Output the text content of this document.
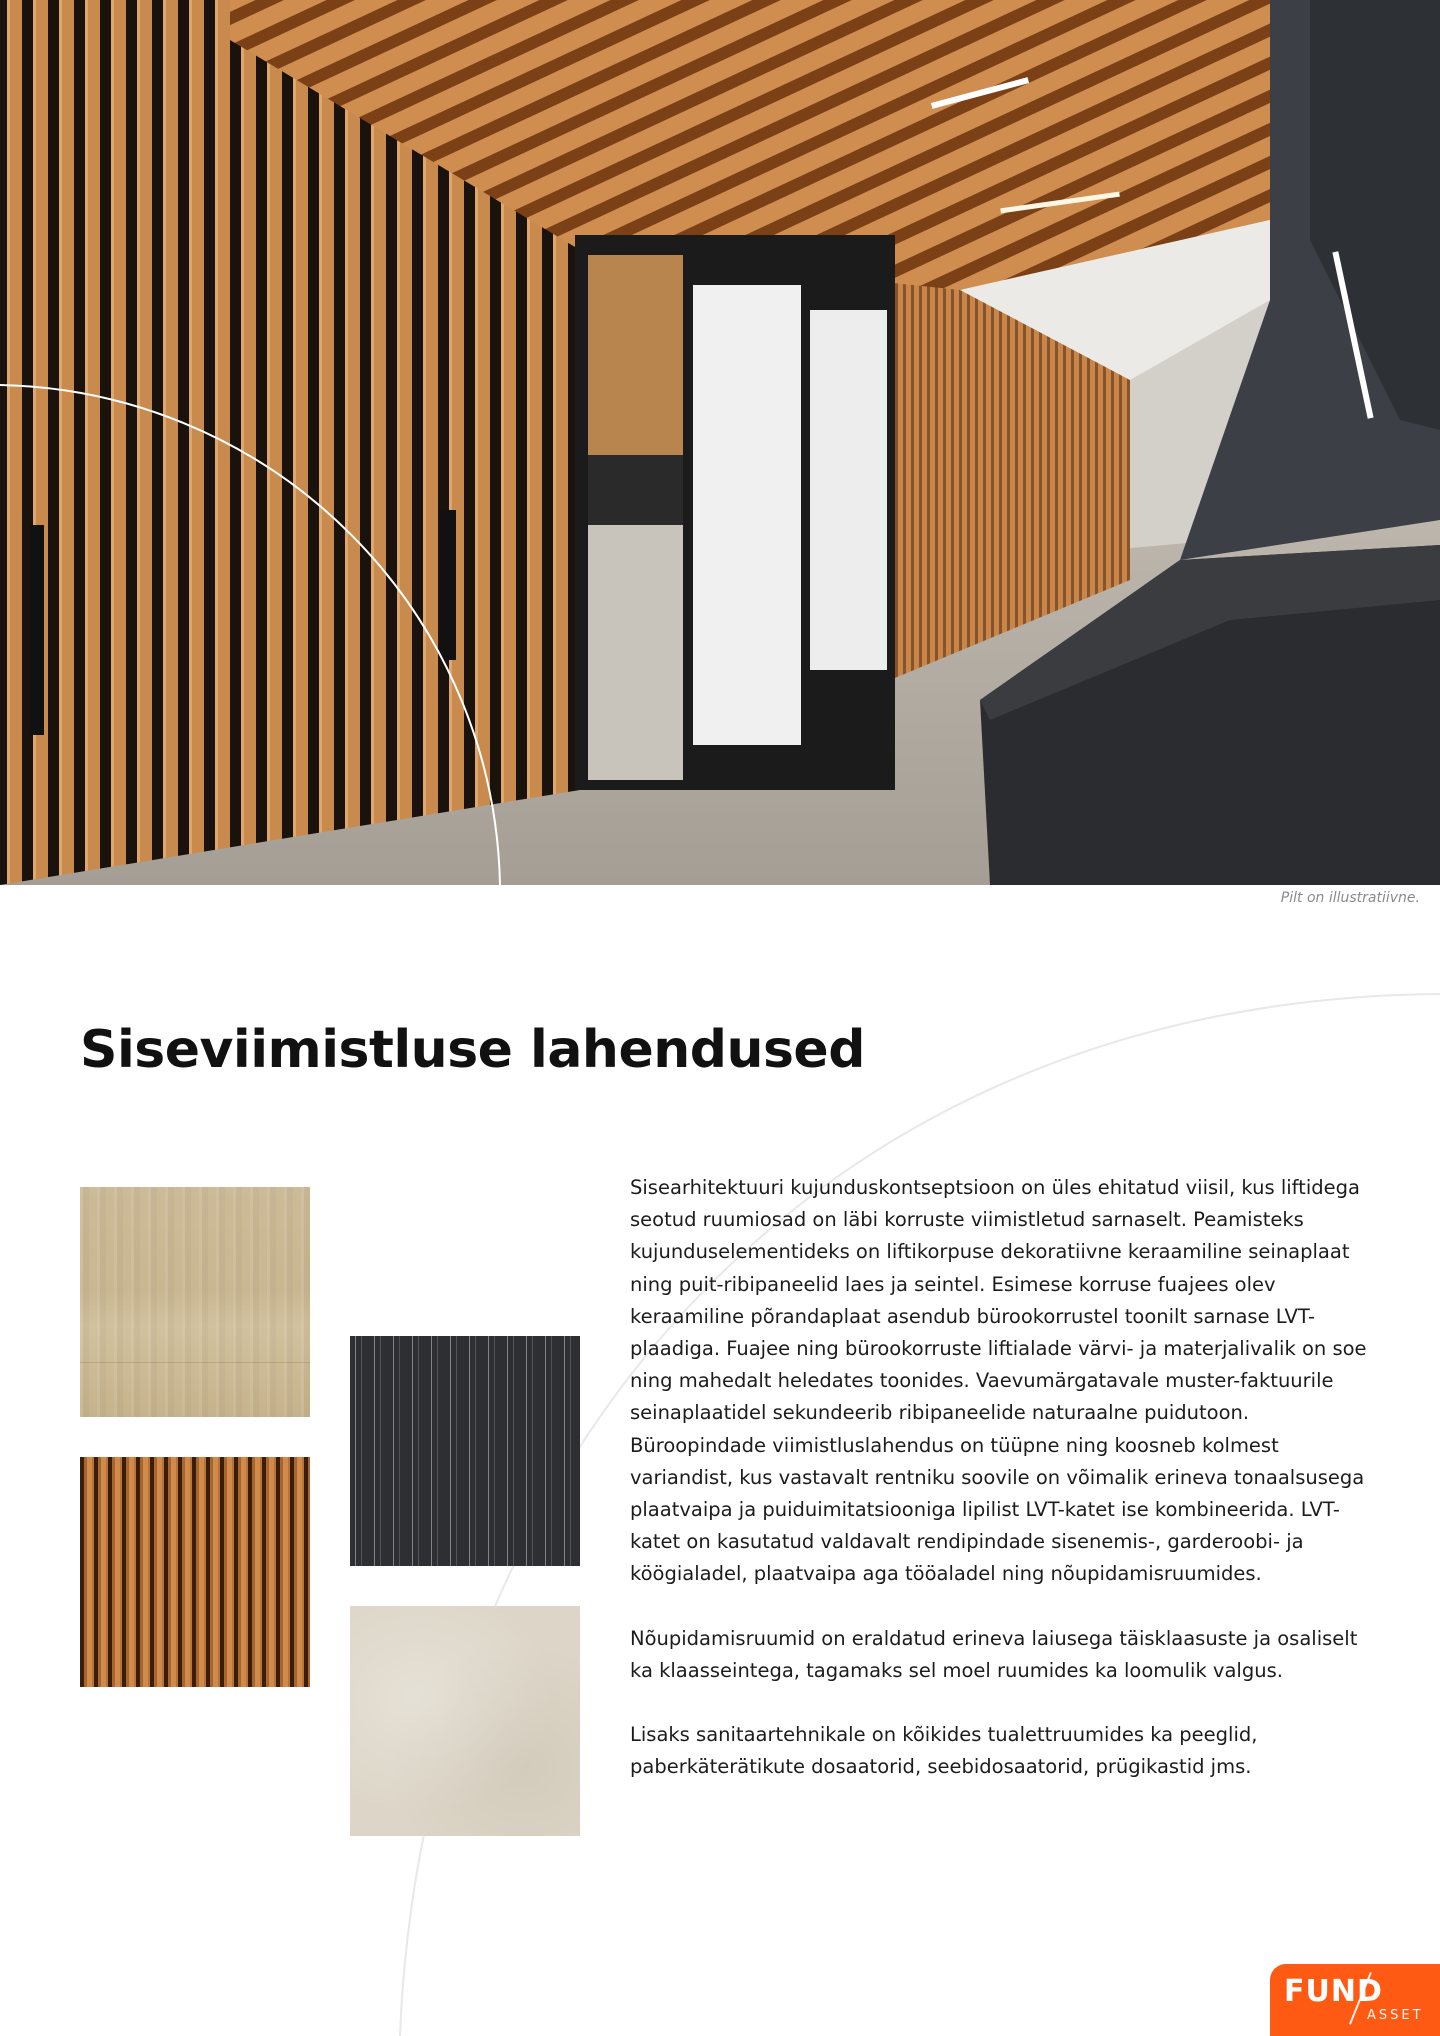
Pilt on illustratiivne.
Siseviimistluse lahendused

Sisearhitektuuri kujunduskontseptsioon on üles ehitatud viisil, kus liftidega seotud ruumiosad on läbi korruste viimistletud sarnaselt. Peamisteks kujunduselementideks on liftikorpuse dekoratiivne keraamiline seinaplaat ning puit-ribipaneelid laes ja seintel. Esimese korruse fuajees olev keraamiline põrandaplaat asendub bürookorrustel toonilt sarnase LVT-plaadiga. Fuajee ning bürookorruste liftialade värvi- ja materjalivalik on soe ning mahedalt heledates toonides. Vaevumärgatavale muster-faktuurile seinaplaatidel sekundeerib ribipaneelide naturaalne puidutoon. Büroopindade viimistluslahendus on tüüpne ning koosneb kolmest variandist, kus vastavalt rentniku soovile on võimalik erineva tonaalsusega plaatvaipa ja puiduimitatsiooniga lipilist LVT-katet ise kombineerida. LVT-katet on kasutatud valdavalt rendipindade sisenemis-, garderoobi- ja köögialadel, plaatvaipa aga tööaladel ning nõupidamisruumides.

Nõupidamisruumid on eraldatud erineva laiusega täisklaasuste ja osaliselt ka klaasseintega, tagamaks sel moel ruumides ka loomulik valgus.

Lisaks sanitaartehnikale on kõikides tualettruumides ka peeglid, paberkäterätikute dosaatorid, seebidosaatorid, prügikastid jms.

FUND
ASSET
